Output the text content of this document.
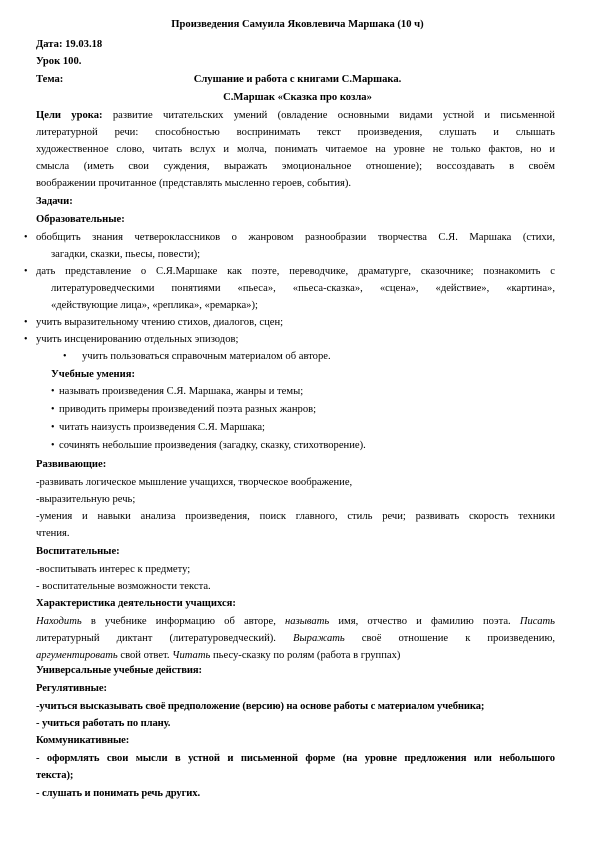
Произведения Самуила Яковлевича Маршака (10 ч)
Дата: 19.03.18
Урок 100.
Тема:	Слушание и работа с книгами С.Маршака.
С.Маршак «Сказка про козла»
Цели урока: развитие читательских умений (овладение основными видами устной и письменной
литературной речи: способностью воспринимать текст произведения, слушать и слышать
художественное слово, читать вслух и молча, понимать читаемое на уровне не только фактов, но и
смысла (иметь свои суждения, выражать эмоциональное отношение); воссоздавать в своём
воображении прочитанное (представлять мысленно героев, события).
Задачи:
Образовательные:
• обобщить знания четвероклассников о жанровом разнообразии творчества С.Я. Маршака (стихи,
загадки, сказки, пьесы, повести);
• дать представление о С.Я.Маршаке как поэте, переводчике, драматурге, сказочнике; познакомить с
литературоведческими понятиями «пьеса», «пьеса-сказка», «сцена», «действие», «картина»,
«действующие лица», «реплика», «ремарка»);
• учить выразительному чтению стихов, диалогов, сцен;
• учить инсценированию отдельных эпизодов;
• учить пользоваться справочным материалом об авторе.
Учебные умения:
• называть произведения С.Я. Маршака, жанры и темы;
• приводить примеры произведений поэта разных жанров;
• читать наизусть произведения С.Я. Маршака;
• сочинять небольшие произведения (загадку, сказку, стихотворение).
Развивающие:
-развивать логическое мышление учащихся, творческое воображение,
-выразительную речь;
-умения и навыки анализа произведения, поиск главного, стиль речи; развивать скорость техники
чтения.
Воспитательные:
-воспитывать интерес к предмету;
- воспитательные возможности текста.
Характеристика деятельности учащихся:
Находить в учебнике информацию об авторе, называть имя, отчество и фамилию поэта. Писать
литературный диктант (литературоведческий). Выражать своё отношение к произведению,
аргументировать свой ответ. Читать пьесу-сказку по ролям (работа в группах)
Универсальные учебные действия:
Регулятивные:
-учиться высказывать своё предположение (версию) на основе работы с материалом учебника;
- учиться работать по плану.
Коммуникативные:
- оформлять свои мысли в устной и письменной форме (на уровне предложения или небольшого
текста);
- слушать и понимать речь других.
